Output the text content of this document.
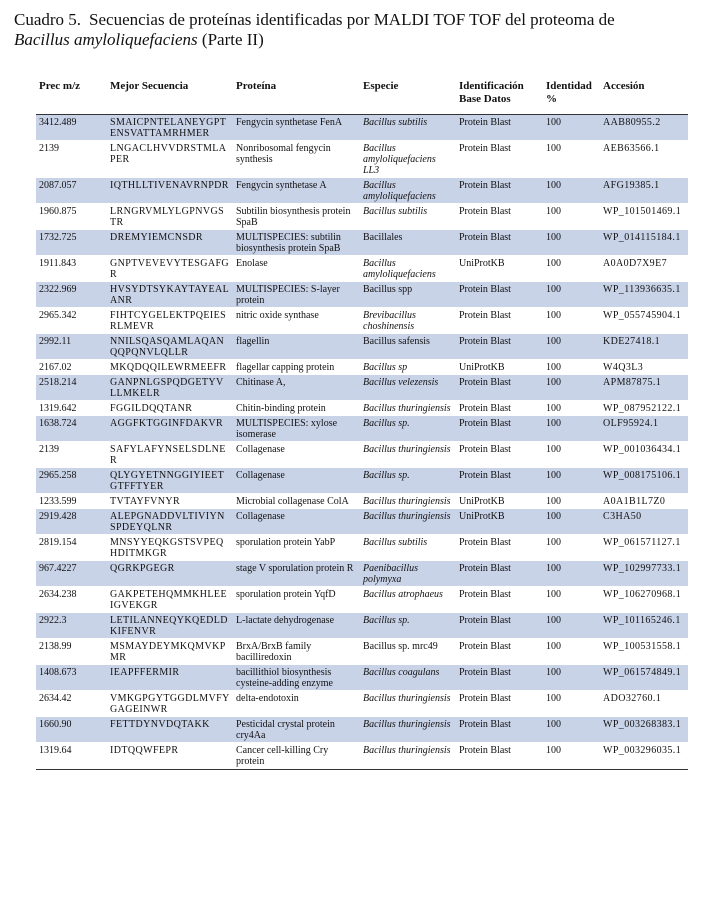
Cuadro 5. Secuencias de proteínas identificadas por MALDI TOF TOF del proteoma de
Bacillus amyloliquefaciens (Parte II)
Prec m/z	Mejor Secuencia	Proteína	Especie	Identificación Base Datos	Identidad %	Accesión
3412.489	SMAICPNTELANEYGPTENSVATTAMRHMER	Fengycin synthetase FenA	Bacillus subtilis	Protein Blast	100	AAB80955.2
2139	LNGACLHVVDRSTMLAPER	Nonribosomal fengycin synthesis	Bacillus amyloliquefaciens LL3	Protein Blast	100	AEB63566.1
2087.057	IQTHLLTIVENAVRNPDR	Fengycin synthetase A	Bacillus amyloliquefaciens	Protein Blast	100	AFG19385.1
1960.875	LRNGRVMLYLGPNVGSTR	Subtilin biosynthesis protein SpaB	Bacillus subtilis	Protein Blast	100	WP_101501469.1
1732.725	DREMYIEMCNSDR	MULTISPECIES: subtilin biosynthesis protein SpaB	Bacillales	Protein Blast	100	WP_014115184.1
1911.843	GNPTVEVEVYTESGAFGR	Enolase	Bacillus amyloliquefaciens	UniProtKB	100	A0A0D7X9E7
2322.969	HVSYDTSYKAYTAYEALANR	MULTISPECIES: S-layer protein	Bacillus spp	Protein Blast	100	WP_113936635.1
2965.342	FIHTCYGELEKTPQEIESRLMEVR	nitric oxide synthase	Brevibacillus choshinensis	Protein Blast	100	WP_055745904.1
2992.11	NNILSQASQAMLAQANQQPQNVLQLLR	flagellin	Bacillus safensis	Protein Blast	100	KDE27418.1
2167.02	MKQDQQILEWRMEEFR	flagellar capping protein	Bacillus sp	UniProtKB	100	W4Q3L3
2518.214	GANPNLGSPQDGETYVLLMKELR	Chitinase A,	Bacillus velezensis	Protein Blast	100	APM87875.1
1319.642	FGGILDQQTANR	Chitin-binding protein	Bacillus thuringiensis	Protein Blast	100	WP_087952122.1
1638.724	AGGFKTGGINFDAKVR	MULTISPECIES: xylose isomerase	Bacillus sp.	Protein Blast	100	OLF95924.1
2139	SAFYLAFYNSELSDLNER	Collagenase	Bacillus thuringiensis	Protein Blast	100	WP_001036434.1
2965.258	QLYGYETNNGGIYIEETGTFFTYER	Collagenase	Bacillus sp.	Protein Blast	100	WP_008175106.1
1233.599	TVTAYFVNYR	Microbial collagenase ColA	Bacillus thuringiensis	UniProtKB	100	A0A1B1L7Z0
2919.428	ALEPGNADDVLTIVIYNSPDEYQLNR	Collagenase	Bacillus thuringiensis	UniProtKB	100	C3HA50
2819.154	MNSYYEQKGSTSVPEQHDITMKGR	sporulation protein YabP	Bacillus subtilis	Protein Blast	100	WP_061571127.1
967.4227	QGRKPGEGR	stage V sporulation protein R	Paenibacillus polymyxa	Protein Blast	100	WP_102997733.1
2634.238	GAKPETEHQMMKHLEEIGVEKGR	sporulation protein YqfD	Bacillus atrophaeus	Protein Blast	100	WP_106270968.1
2922.3	LETILANNEQYKQEDLDKIFENVR	L-lactate dehydrogenase	Bacillus sp.	Protein Blast	100	WP_101165246.1
2138.99	MSMAYDEYMKQMVKPMR	BrxA/BrxB family bacilliredoxin	Bacillus sp. mrc49	Protein Blast	100	WP_100531558.1
1408.673	IEAPFFERMIR	bacillithiol biosynthesis cysteine-adding enzyme	Bacillus coagulans	Protein Blast	100	WP_061574849.1
2634.42	VMKGPGYTGGDLMVFYGAGEINWR	delta-endotoxin	Bacillus thuringiensis	Protein Blast	100	ADO32760.1
1660.90	FETTDYNVDQTAKK	Pesticidal crystal protein cry4Aa	Bacillus thuringiensis	Protein Blast	100	WP_003268383.1
1319.64	IDTQQWFEPR	Cancer cell-killing Cry protein	Bacillus thuringiensis	Protein Blast	100	WP_003296035.1
